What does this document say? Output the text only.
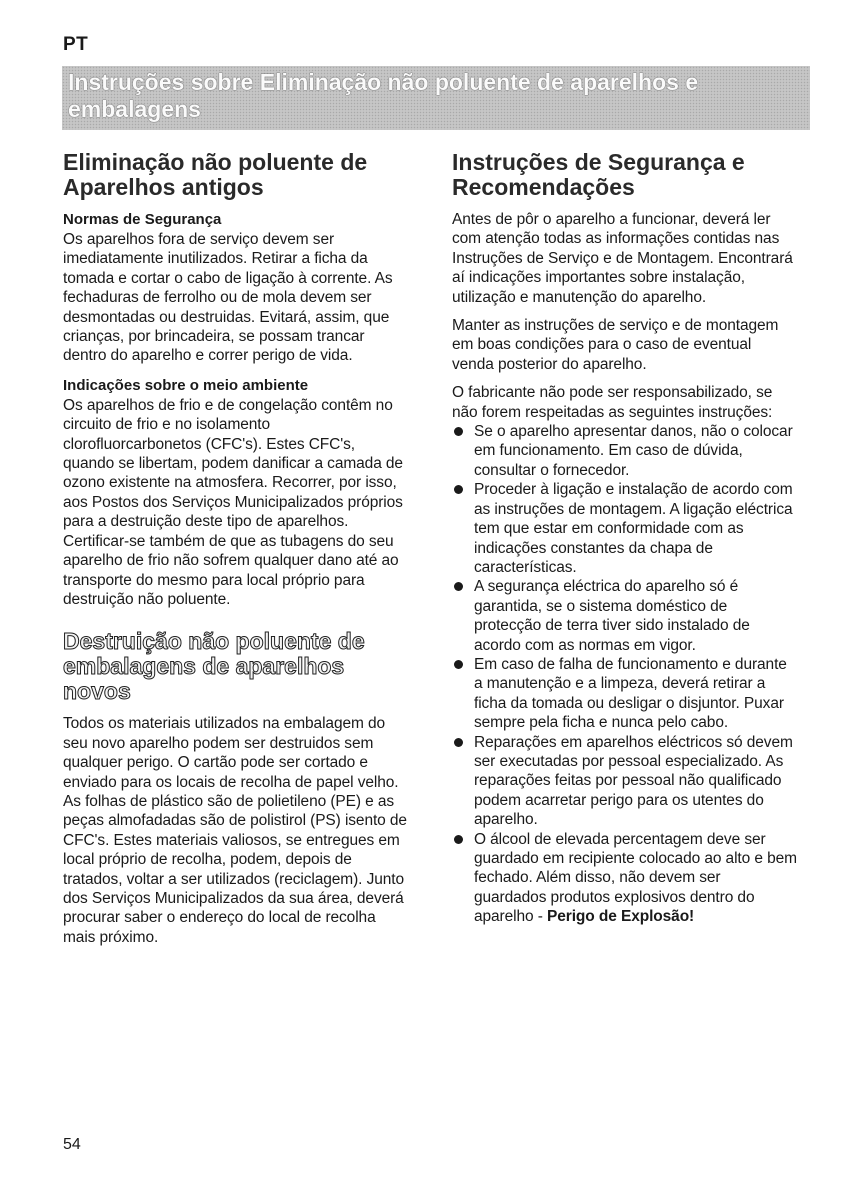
PT
Instruções sobre Eliminação não poluente de aparelhos e embalagens
Eliminação não poluente de Aparelhos antigos
Normas de Segurança

Os aparelhos fora de serviço devem ser imediatamente inutilizados. Retirar a ficha da tomada e cortar o cabo de ligação à corrente. As fechaduras de ferrolho ou de mola devem ser desmontadas ou destruidas. Evitará, assim, que crianças, por brincadeira, se possam trancar dentro do aparelho e correr perigo de vida.

Indicações sobre o meio ambiente

Os aparelhos de frio e de congelação contêm no circuito de frio e no isolamento clorofluorcarbonetos (CFC's). Estes CFC's, quando se libertam, podem danificar a camada de ozono existente na atmosfera. Recorrer, por isso, aos Postos dos Serviços Municipalizados próprios para a destruição deste tipo de aparelhos. Certificar-se também de que as tubagens do seu aparelho de frio não sofrem qualquer dano até ao transporte do mesmo para local próprio para destruição não poluente.

Destruição não poluente de embalagens de aparelhos novos

Todos os materiais utilizados na embalagem do seu novo aparelho podem ser destruidos sem qualquer perigo. O cartão pode ser cortado e enviado para os locais de recolha de papel velho. As folhas de plástico são de polietileno (PE) e as peças almofadadas são de polistirol (PS) isento de CFC's. Estes materiais valiosos, se entregues em local próprio de recolha, podem, depois de tratados, voltar a ser utilizados (reciclagem). Junto dos Serviços Municipalizados da sua área, deverá procurar saber o endereço do local de recolha mais próximo.

Instruções de Segurança e Recomendações

Antes de pôr o aparelho a funcionar, deverá ler com atenção todas as informações contidas nas Instruções de Serviço e de Montagem. Encontrará aí indicações importantes sobre instalação, utilização e manutenção do aparelho.

Manter as instruções de serviço e de montagem em boas condições para o caso de eventual venda posterior do aparelho.

O fabricante não pode ser responsabilizado, se não forem respeitadas as seguintes instruções:

Se o aparelho apresentar danos, não o colocar em funcionamento. Em caso de dúvida, consultar o fornecedor.
Proceder à ligação e instalação de acordo com as instruções de montagem. A ligação eléctrica tem que estar em conformidade com as indicações constantes da chapa de características.
A segurança eléctrica do aparelho só é garantida, se o sistema doméstico de protecção de terra tiver sido instalado de acordo com as normas em vigor.
Em caso de falha de funcionamento e durante a manutenção e a limpeza, deverá retirar a ficha da tomada ou desligar o disjuntor. Puxar sempre pela ficha e nunca pelo cabo.
Reparações em aparelhos eléctricos só devem ser executadas por pessoal especializado. As reparações feitas por pessoal não qualificado podem acarretar perigo para os utentes do aparelho.
O álcool de elevada percentagem deve ser guardado em recipiente colocado ao alto e bem fechado. Além disso, não devem ser guardados produtos explosivos dentro do aparelho - Perigo de Explosão!
54
